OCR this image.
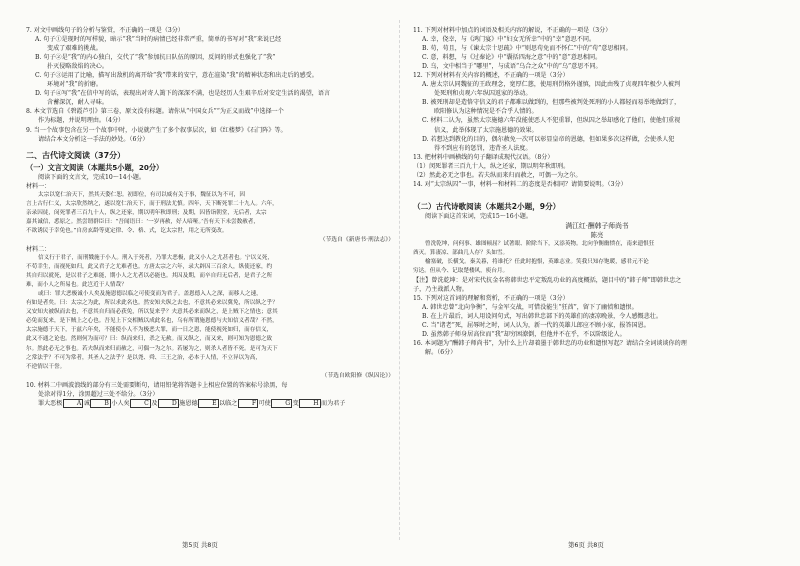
7. 对文中画线句子的分析与鉴赏，不正确的一项是（3分）

A. 句子①是现时的写样貌，暗示“我”当时的病情已经非常严重，简单的书写对“我”来说已经

变成了艰难的挑战。

B. 句子②是“我”的内心独白，交代了“我”参加抗日队伍的原因，反问的形式也强化了“我”

扑灭侵略敌焰的决心。

C. 句子③运用了比喻，描写出敌机的离开给“我”带来的安宁，意在渲染“我”的精神状态和出走后的感受。

环境对“我”的折磨。

D. 句子④写“我”在信中写的话，表现出对寄人篱下的深深不满，也是经历人生艰辛后对安定生活的渴望，语言

含蓄深沉，耐人寻味。

8. 本文节选自《碧霞芦引》第三卷，原文没有标题。请你从“中国女兵”“为正义而战”中选择一个

作为标题，并说明理由。（4分）

9. 当一个故事包含在另一个故事中时，小说就产生了多个叙事层次，如《红楼梦》《石门阵》等。

请结合本文分析这一手法的妙处。（6分）

二、古代诗文阅读（37分）

（一）文言文阅读（本题共5小题，20分）

阅读下面的文言文，完成10～14小题。

材料一：

太宗以宽仁治天下，然其天姿仁恕。初即位，有司以威有关于事，魏征以为不可，因

言上古行仁义，太宗欣然纳之，遂以宽仁治天下，而于刑法尤慎。四年，天下断死罪二十九人。六年，

亲录囚徒，闵死罪者三百九十人，纵之还家，期以明年秋即刑；及期，囚皆诣朝堂，无后者，太宗

嘉其诚信，悉原之。然尝谓群臣曰：“吾闻语曰：‘一岁再赦，好人喑哑。’吾有天下未尝数赦者，

不欲诱民于幸免也。”自房玄龄等更定律、令、格、式，讫太宗世，用之无所变改。

（节选自《新唐书·刑法志》）

材料二：

信义行于君子，而刑戮施于小人。刑入于死者，乃罪大恶极，此又小人之尤甚者也。宁以义死，

不苟幸生，而视死如归，此又君子之尤难者也。方唐太宗之六年，录大辟囚三百余人，纵使还家，约

其自归以就死，是以君子之难能，期小人之尤者以必能也。其囚及期，而卒自归无后者，是君子之所

难，而小人之所易也。此岂近于人情哉？

或曰：罪大恶极诚小人矣及施恩德以临之可使变而为君子。盖恩德入人之深，而移人之速，

有如是者矣。曰：太宗之为此，所以求此名也。然安知夫纵之去也，不意其必来以冀免，所以纵之乎？

又安知夫被纵而去也，不意其自归而必获免，所以复来乎？夫意其必来而纵之，是上贼下之情也；意其

必免而复来，是下贼上之心也。吾见上下交相贼以成此名也，乌有所谓施恩德与夫知信义者哉？不然，

太宗施德于天下，于兹六年矣，不能使小人不为极恶大罪，而一日之恩，能使视死如归，而存信义，

此又不通之论也。然则何为而可？曰：纵而来归，杀之无赦。而又纵之，而又来，则可知为恩德之致

尔。然此必无之事也。若夫纵而来归而赦之，可偶一为之尔。若屡为之，则杀人者皆不死。是可为天下

之常法乎？不可为常者，其圣人之法乎？是以尧、舜、三王之治，必本于人情，不立异以为高，

不逆情以干誉。

（节选自欧阳修《纵囚论》）

10. 材料二中画波浪线的部分有三处需要断句，请用铅笔将答题卡上相应位置的答案标号涂黑，每

处涂对得1分，涂黑超过三处不给分。（3分）

罪大恶极 A 诚 B 小人矣 C 及 D 施恩德 E 以临之 F 可使 G 变 H 而为君子

第5页 共8页

11. 下列对材料中加点的词语及相关内容的解说，不正确的一项是（3分）

A. 幸，侥幸，与《鸿门宴》中“妇女无所幸”中的“幸”意思不同。

B. 苟，苟且，与《谏太宗十思疏》中“则思苟免而不怀仁”中的“苟”意思相同。

C. 意，料想，与《过秦论》中“囊括四海之意”中的“意”意思相同。

D. 乌，文中相当于“哪里”，与成语“乌合之众”中的“乌”意思不同。

12. 下列对材料有关内容的概述，不正确的一项是（3分）

A. 唐太宗认同魏征的王政理念，宽厚仁慈，使用刑罚格外谨慎，因此由残了贞观四年极少人被判

处死刑和贞观六年纵囚返家的举动。

B. 被死刑却是造恪守信义的君子都难以做到的，但那些被判处死刑的小人都轻而易举地做到了，

欧阳修认为这种情况是不合乎人情的。

C. 材料二认为，虽然太宗施德六年没能使恶人不犯重罪，但纵囚之举却感化了他们，使他们重视

信义，此举体现了太宗施恩德的效果。

D. 若想达到教化的目的，偶尔赦免一次可以彰显皇帝的恩德，但如果多次这样做，会使杀人犯

得不到应有的惩罚，违背圣人法度。

13. 把材料中画横线的句子翻译成现代汉语。（8分）

（1）闵死罪者三百九十人，纵之还家，期以明年秋即刑。

（2）然此必无之事也。若夫纵而来归而赦之，可偶一为之尔。

14. 对“太宗纵囚”一事，材料一和材料二的态度是否相同？请简要说明。（3分）

（二）古代诗歌阅读（本题共2小题，9分）

阅读下面这首宋词，完成15～16小题。

满江红·酬韩子师尚书

陈亮

曾洗乾坤，问何事、雄图顿屈？试著眼、阶除当下，又添英物。北向争衡幽愤在，南来遗恨狂

酋灭。算凄凉、部曲几人存？头如雪。

榆塞破，长横戈。秦关暮，将谁托？任此时抱恨，英雄志业。笑我只知存饱暖，感君元不论

穷达。但从今、记取楚楼风，庾台月。

【注】曾洗乾坤：是对宋代抗金名将韩世忠平定叛乱功业的高度概括，题目中的“韩子师”即韩世忠之

子，乃主战派人物。

15. 下列对这首词的理解和赏析，不正确的一项是（3分）

A. 韩世忠曾“北向争衡”，与金军交战，可惜没能生“狂酋”，留下了幽愤和遗恨。

B. 在上片最后，词人用设问句式，写出韩世忠部下的英雄们的凄凉晚景，令人感慨悲壮。

C. 当“诸老”死，屈辱时之时，词人认为，新一代的英雄儿郎应不顾小家，报答国恩。

D. 虽然韩子师身居高位而“我”却穷困潦倒，但他并不在乎，不以阶级论人。

16. 本词题为“酬韩子师尚书”，为什么上片却着墨于韩世忠的功业和遗恨写起？请结合全词谈谈你的理

解。（6分）

第6页 共8页
